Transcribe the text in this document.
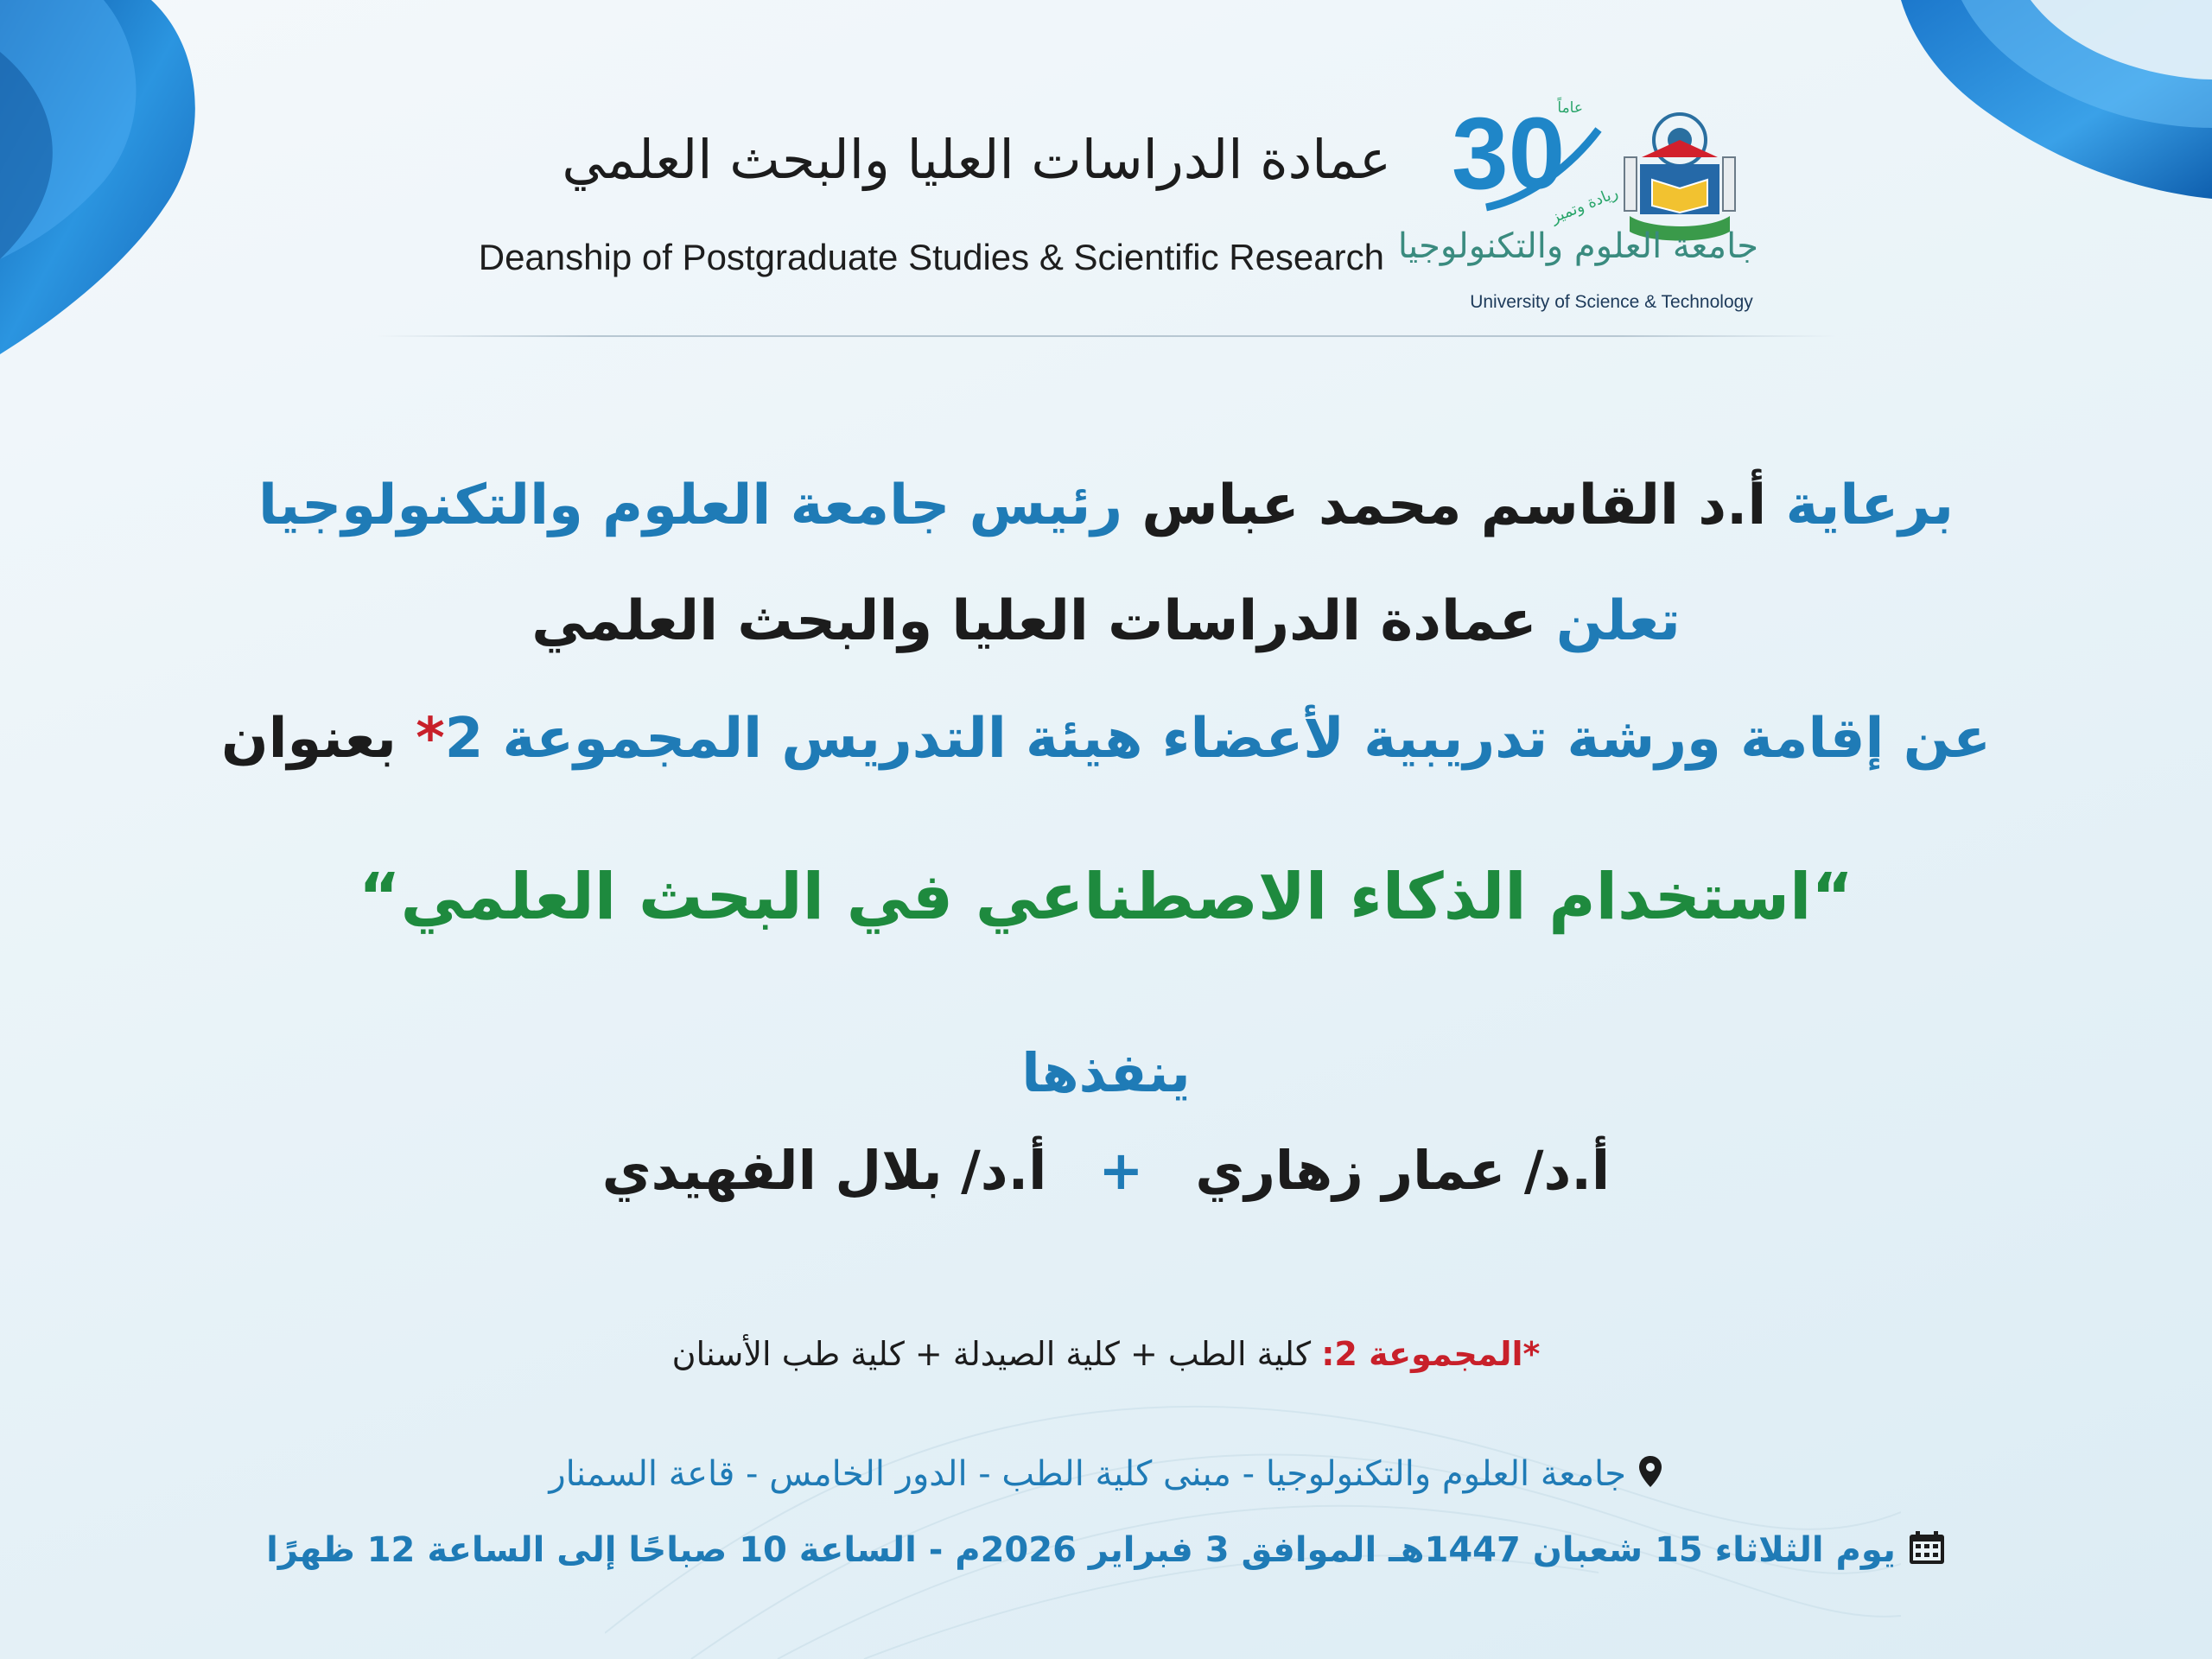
عمادة الدراسات العليا والبحث العلمي
Deanship of Postgraduate Studies & Scientific Research
30
عاماً
ريادة وتميز
جامعة العلوم والتكنولوجيا
University of Science & Technology
برعاية أ.د القاسم محمد عباس رئيس جامعة العلوم والتكنولوجيا
تعلن عمادة الدراسات العليا والبحث العلمي
عن إقامة ورشة تدريبية لأعضاء هيئة التدريس المجموعة 2* بعنوان
“استخدام الذكاء الاصطناعي في البحث العلمي“
ينفذها
أ.د/ عمار زهاري+أ.د/ بلال الفهيدي
*المجموعة 2: كلية الطب + كلية الصيدلة + كلية طب الأسنان
جامعة العلوم والتكنولوجيا - مبنى كلية الطب - الدور الخامس - قاعة السمنار
يوم الثلاثاء 15 شعبان 1447هـ الموافق 3 فبراير 2026م - الساعة 10 صباحًا إلى الساعة 12 ظهرًا
